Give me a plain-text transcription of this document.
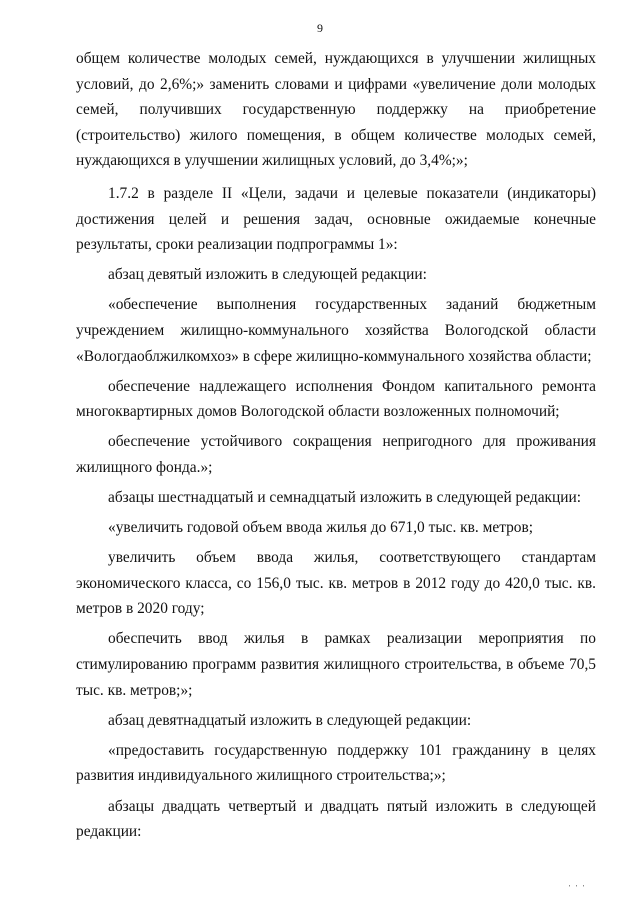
9

общем количестве молодых семей, нуждающихся в улучшении жилищных условий, до 2,6%;» заменить словами и цифрами «увеличение доли молодых семей, получивших государственную поддержку на приобретение (строительство) жилого помещения, в общем количестве молодых семей, нуждающихся в улучшении жилищных условий, до 3,4%;»;

1.7.2 в разделе II «Цели, задачи и целевые показатели (индикаторы) достижения целей и решения задач, основные ожидаемые конечные результаты, сроки реализации подпрограммы 1»:

абзац девятый изложить в следующей редакции:

«обеспечение выполнения государственных заданий бюджетным учреждением жилищно-коммунального хозяйства Вологодской области «Вологдаоблжилкомхоз» в сфере жилищно-коммунального хозяйства области;

обеспечение надлежащего исполнения Фондом капитального ремонта многоквартирных домов Вологодской области возложенных полномочий;

обеспечение устойчивого сокращения непригодного для проживания жилищного фонда.»;

абзацы шестнадцатый и семнадцатый изложить в следующей редакции:

«увеличить годовой объем ввода жилья до 671,0 тыс. кв. метров;

увеличить объем ввода жилья, соответствующего стандартам экономического класса, со 156,0 тыс. кв. метров в 2012 году до 420,0 тыс. кв. метров в 2020 году;

обеспечить ввод жилья в рамках реализации мероприятия по стимулированию программ развития жилищного строительства, в объеме 70,5 тыс. кв. метров;»;

абзац девятнадцатый изложить в следующей редакции:

«предоставить государственную поддержку 101 гражданину в целях развития индивидуального жилищного строительства;»;

абзацы двадцать четвертый и двадцать пятый изложить в следующей редакции:

' ' '
